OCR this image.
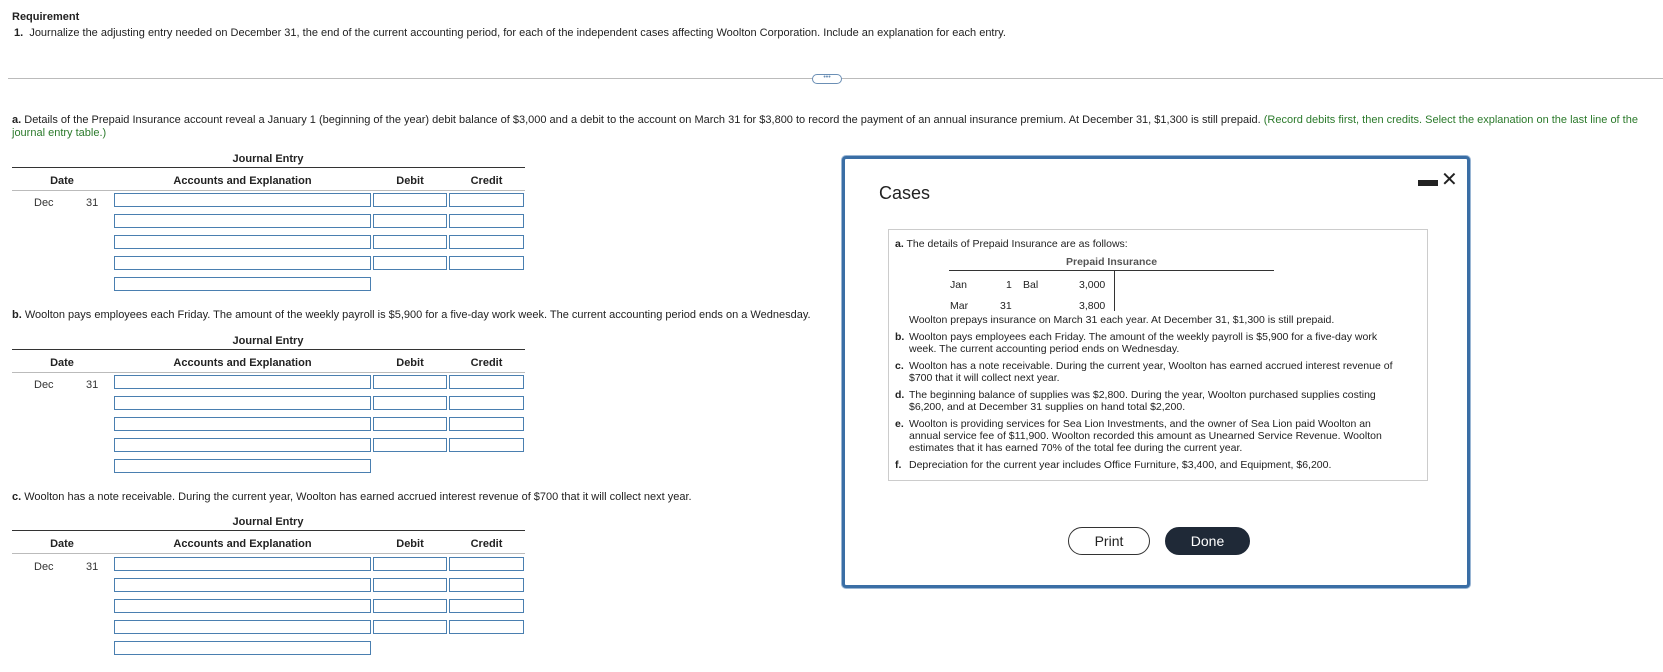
Requirement
1. Journalize the adjusting entry needed on December 31, the end of the current accounting period, for each of the independent cases affecting Woolton Corporation. Include an explanation for each entry.
•••
a. Details of the Prepaid Insurance account reveal a January 1 (beginning of the year) debit balance of $3,000 and a debit to the account on March 31 for $3,800 to record the payment of an annual insurance premium. At December 31, $1,300 is still prepaid. (Record debits first, then credits. Select the explanation on the last line of the journal entry table.)
Journal Entry
Date	Accounts and Explanation	Debit	Credit
Dec	31
b. Woolton pays employees each Friday. The amount of the weekly payroll is $5,900 for a five-day work week. The current accounting period ends on a Wednesday.
Journal Entry
Date	Accounts and Explanation	Debit	Credit
Dec	31
c. Woolton has a note receivable. During the current year, Woolton has earned accrued interest revenue of $700 that it will collect next year.
Journal Entry
Date	Accounts and Explanation	Debit	Credit
Dec	31
Cases
▬ ✕
a. The details of Prepaid Insurance are as follows:
Prepaid Insurance
Jan	1 Bal	3,000
Mar	31	3,800
Woolton prepays insurance on March 31 each year. At December 31, $1,300 is still prepaid.
b. Woolton pays employees each Friday. The amount of the weekly payroll is $5,900 for a five-day work
week. The current accounting period ends on Wednesday.
c. Woolton has a note receivable. During the current year, Woolton has earned accrued interest revenue of
$700 that it will collect next year.
d. The beginning balance of supplies was $2,800. During the year, Woolton purchased supplies costing
$6,200, and at December 31 supplies on hand total $2,200.
e. Woolton is providing services for Sea Lion Investments, and the owner of Sea Lion paid Woolton an
annual service fee of $11,900. Woolton recorded this amount as Unearned Service Revenue. Woolton
estimates that it has earned 70% of the total fee during the current year.
f. Depreciation for the current year includes Office Furniture, $3,400, and Equipment, $6,200.
Print	Done
